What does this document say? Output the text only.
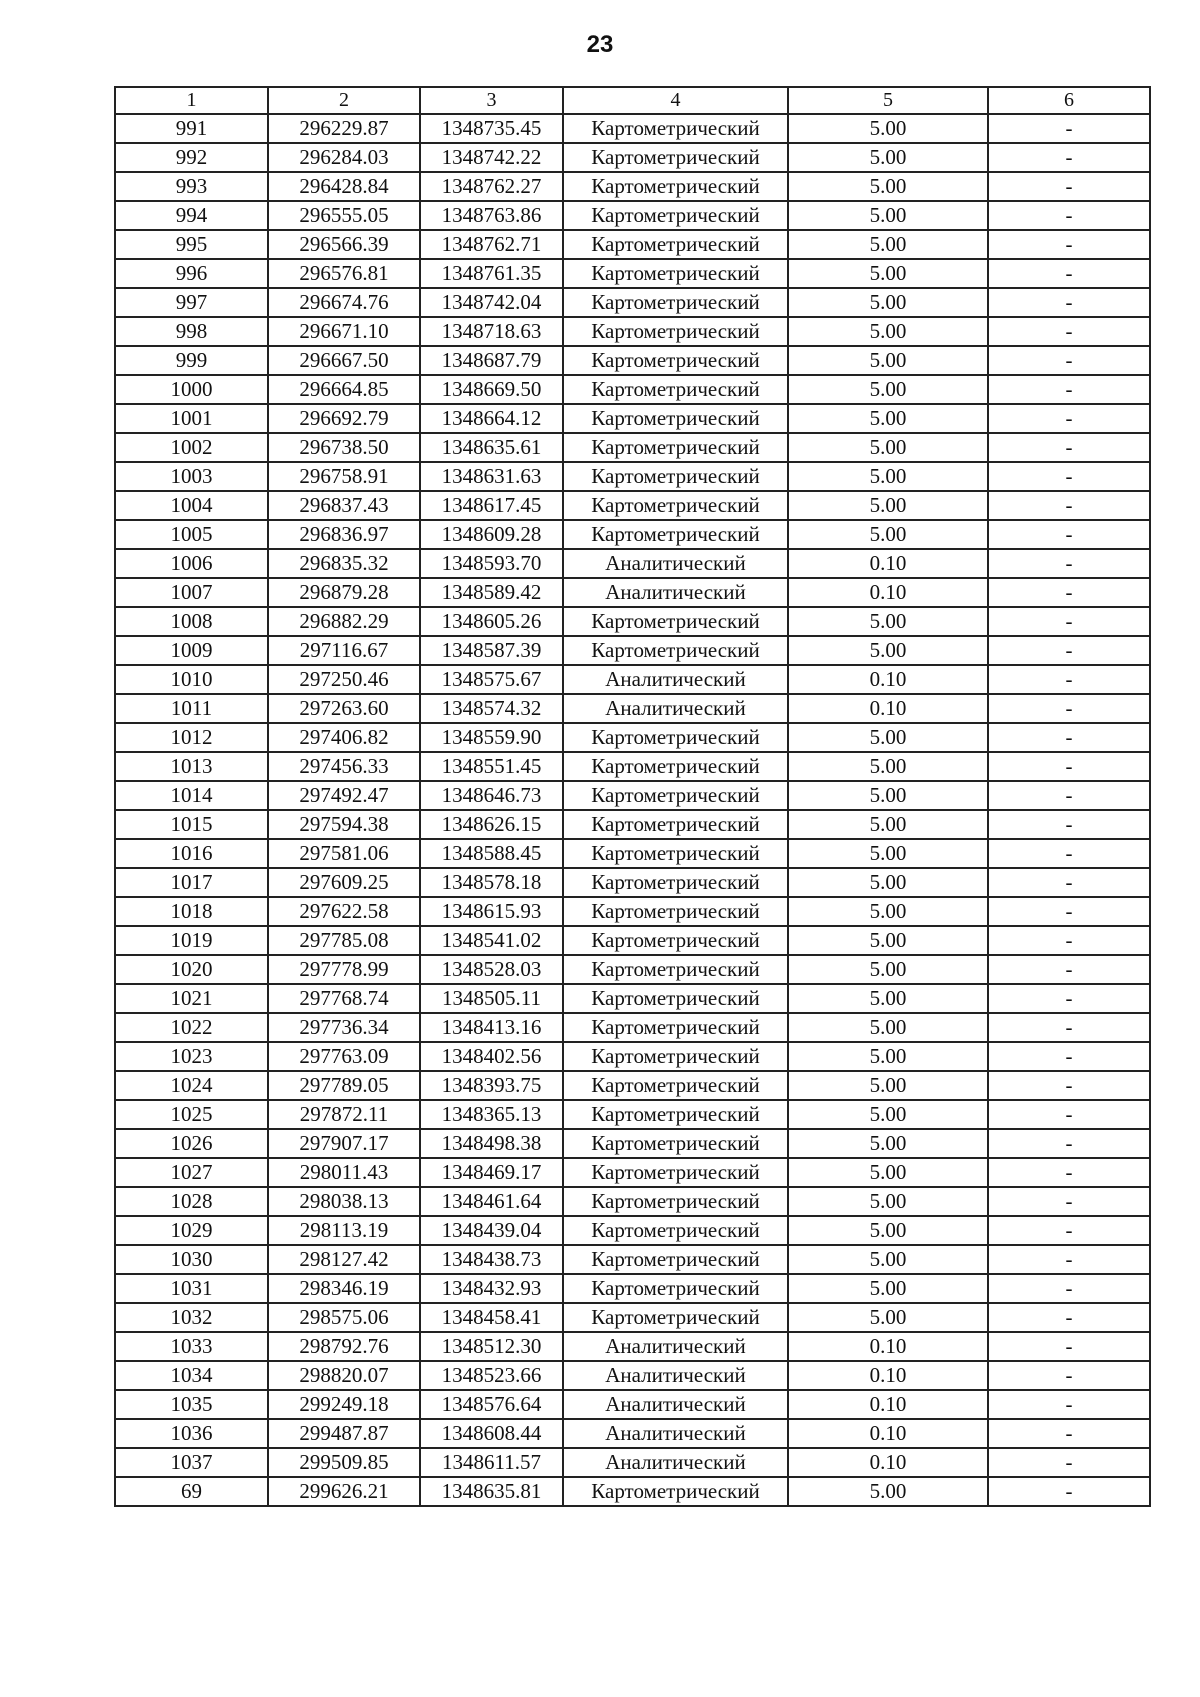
23
1	2	3	4	5	6
991	296229.87	1348735.45	Картометрический	5.00	-
992	296284.03	1348742.22	Картометрический	5.00	-
993	296428.84	1348762.27	Картометрический	5.00	-
994	296555.05	1348763.86	Картометрический	5.00	-
995	296566.39	1348762.71	Картометрический	5.00	-
996	296576.81	1348761.35	Картометрический	5.00	-
997	296674.76	1348742.04	Картометрический	5.00	-
998	296671.10	1348718.63	Картометрический	5.00	-
999	296667.50	1348687.79	Картометрический	5.00	-
1000	296664.85	1348669.50	Картометрический	5.00	-
1001	296692.79	1348664.12	Картометрический	5.00	-
1002	296738.50	1348635.61	Картометрический	5.00	-
1003	296758.91	1348631.63	Картометрический	5.00	-
1004	296837.43	1348617.45	Картометрический	5.00	-
1005	296836.97	1348609.28	Картометрический	5.00	-
1006	296835.32	1348593.70	Аналитический	0.10	-
1007	296879.28	1348589.42	Аналитический	0.10	-
1008	296882.29	1348605.26	Картометрический	5.00	-
1009	297116.67	1348587.39	Картометрический	5.00	-
1010	297250.46	1348575.67	Аналитический	0.10	-
1011	297263.60	1348574.32	Аналитический	0.10	-
1012	297406.82	1348559.90	Картометрический	5.00	-
1013	297456.33	1348551.45	Картометрический	5.00	-
1014	297492.47	1348646.73	Картометрический	5.00	-
1015	297594.38	1348626.15	Картометрический	5.00	-
1016	297581.06	1348588.45	Картометрический	5.00	-
1017	297609.25	1348578.18	Картометрический	5.00	-
1018	297622.58	1348615.93	Картометрический	5.00	-
1019	297785.08	1348541.02	Картометрический	5.00	-
1020	297778.99	1348528.03	Картометрический	5.00	-
1021	297768.74	1348505.11	Картометрический	5.00	-
1022	297736.34	1348413.16	Картометрический	5.00	-
1023	297763.09	1348402.56	Картометрический	5.00	-
1024	297789.05	1348393.75	Картометрический	5.00	-
1025	297872.11	1348365.13	Картометрический	5.00	-
1026	297907.17	1348498.38	Картометрический	5.00	-
1027	298011.43	1348469.17	Картометрический	5.00	-
1028	298038.13	1348461.64	Картометрический	5.00	-
1029	298113.19	1348439.04	Картометрический	5.00	-
1030	298127.42	1348438.73	Картометрический	5.00	-
1031	298346.19	1348432.93	Картометрический	5.00	-
1032	298575.06	1348458.41	Картометрический	5.00	-
1033	298792.76	1348512.30	Аналитический	0.10	-
1034	298820.07	1348523.66	Аналитический	0.10	-
1035	299249.18	1348576.64	Аналитический	0.10	-
1036	299487.87	1348608.44	Аналитический	0.10	-
1037	299509.85	1348611.57	Аналитический	0.10	-
69	299626.21	1348635.81	Картометрический	5.00	-
